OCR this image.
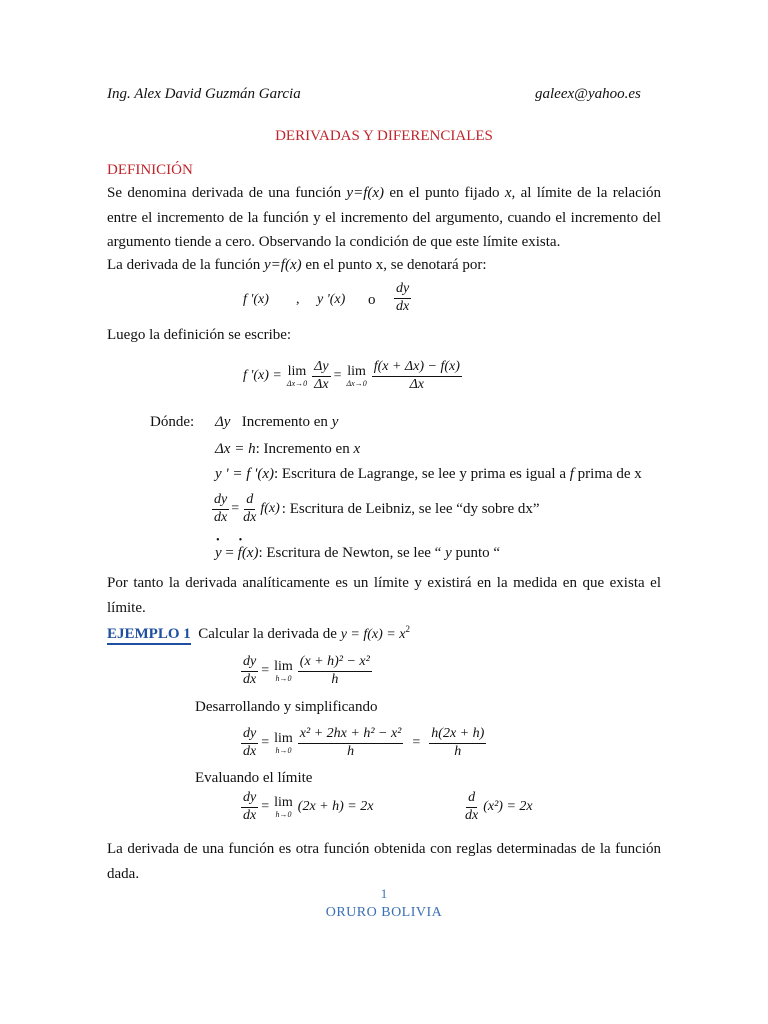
Ing. Alex David Guzmán Garcia	galeex@yahoo.es
DERIVADAS Y DIFERENCIALES
DEFINICIÓN
Se denomina derivada de una función y=f(x) en el punto fijado x, al límite de la relación entre el incremento de la función y el incremento del argumento, cuando el incremento del argumento tiende a cero. Observando la condición de que este límite exista.
La derivada de la función y=f(x) en el punto x, se denotará por:
f '(x) , y '(x) o $\frac{dy}{dx}$
Luego la definición se escribe:
f '(x) = lim
$\Delta x\to 0 \frac{\Delta y}{\Delta x} = \lim$
$\Delta x\to 0 \frac{f(x + \Delta x) - f(x)}{\Delta x}$
Dónde: Δy Incremento en y
Δx = h: Incremento en x
y ' = f '(x): Escritura de Lagrange, se lee y prima es igual a f prima de x
$\frac{dy}{dx} = \frac{d}{dx} f(x)$ : Escritura de Leibniz, se lee “dy sobre dx”
• y = • f(x): Escritura de Newton, se lee “ y punto “
Por tanto la derivada analíticamente es un límite y existirá en la medida en que exista el límite.
EJEMPLO 1 Calcular la derivada de $y = f(x) = x^2$
$\frac{dy}{dx} = \lim$
$h\to 0 \frac{\text{(x + h)² − x²}}{h}$
Desarrollando y simplificando
$\frac{dy}{dx} = \lim$
$h\to 0 \frac{\text{x² + 2hx + h² − x²}}{h} = \frac{h(2x + h)}{h}$
Evaluando el límite
$\frac{dy}{dx} = \lim$
h→0 (2x + h) = 2x	$\frac{d}{dx} (x^2) = 2x$
La derivada de una función es otra función obtenida con reglas determinadas de la función dada.
1
ORURO BOLIVIA
